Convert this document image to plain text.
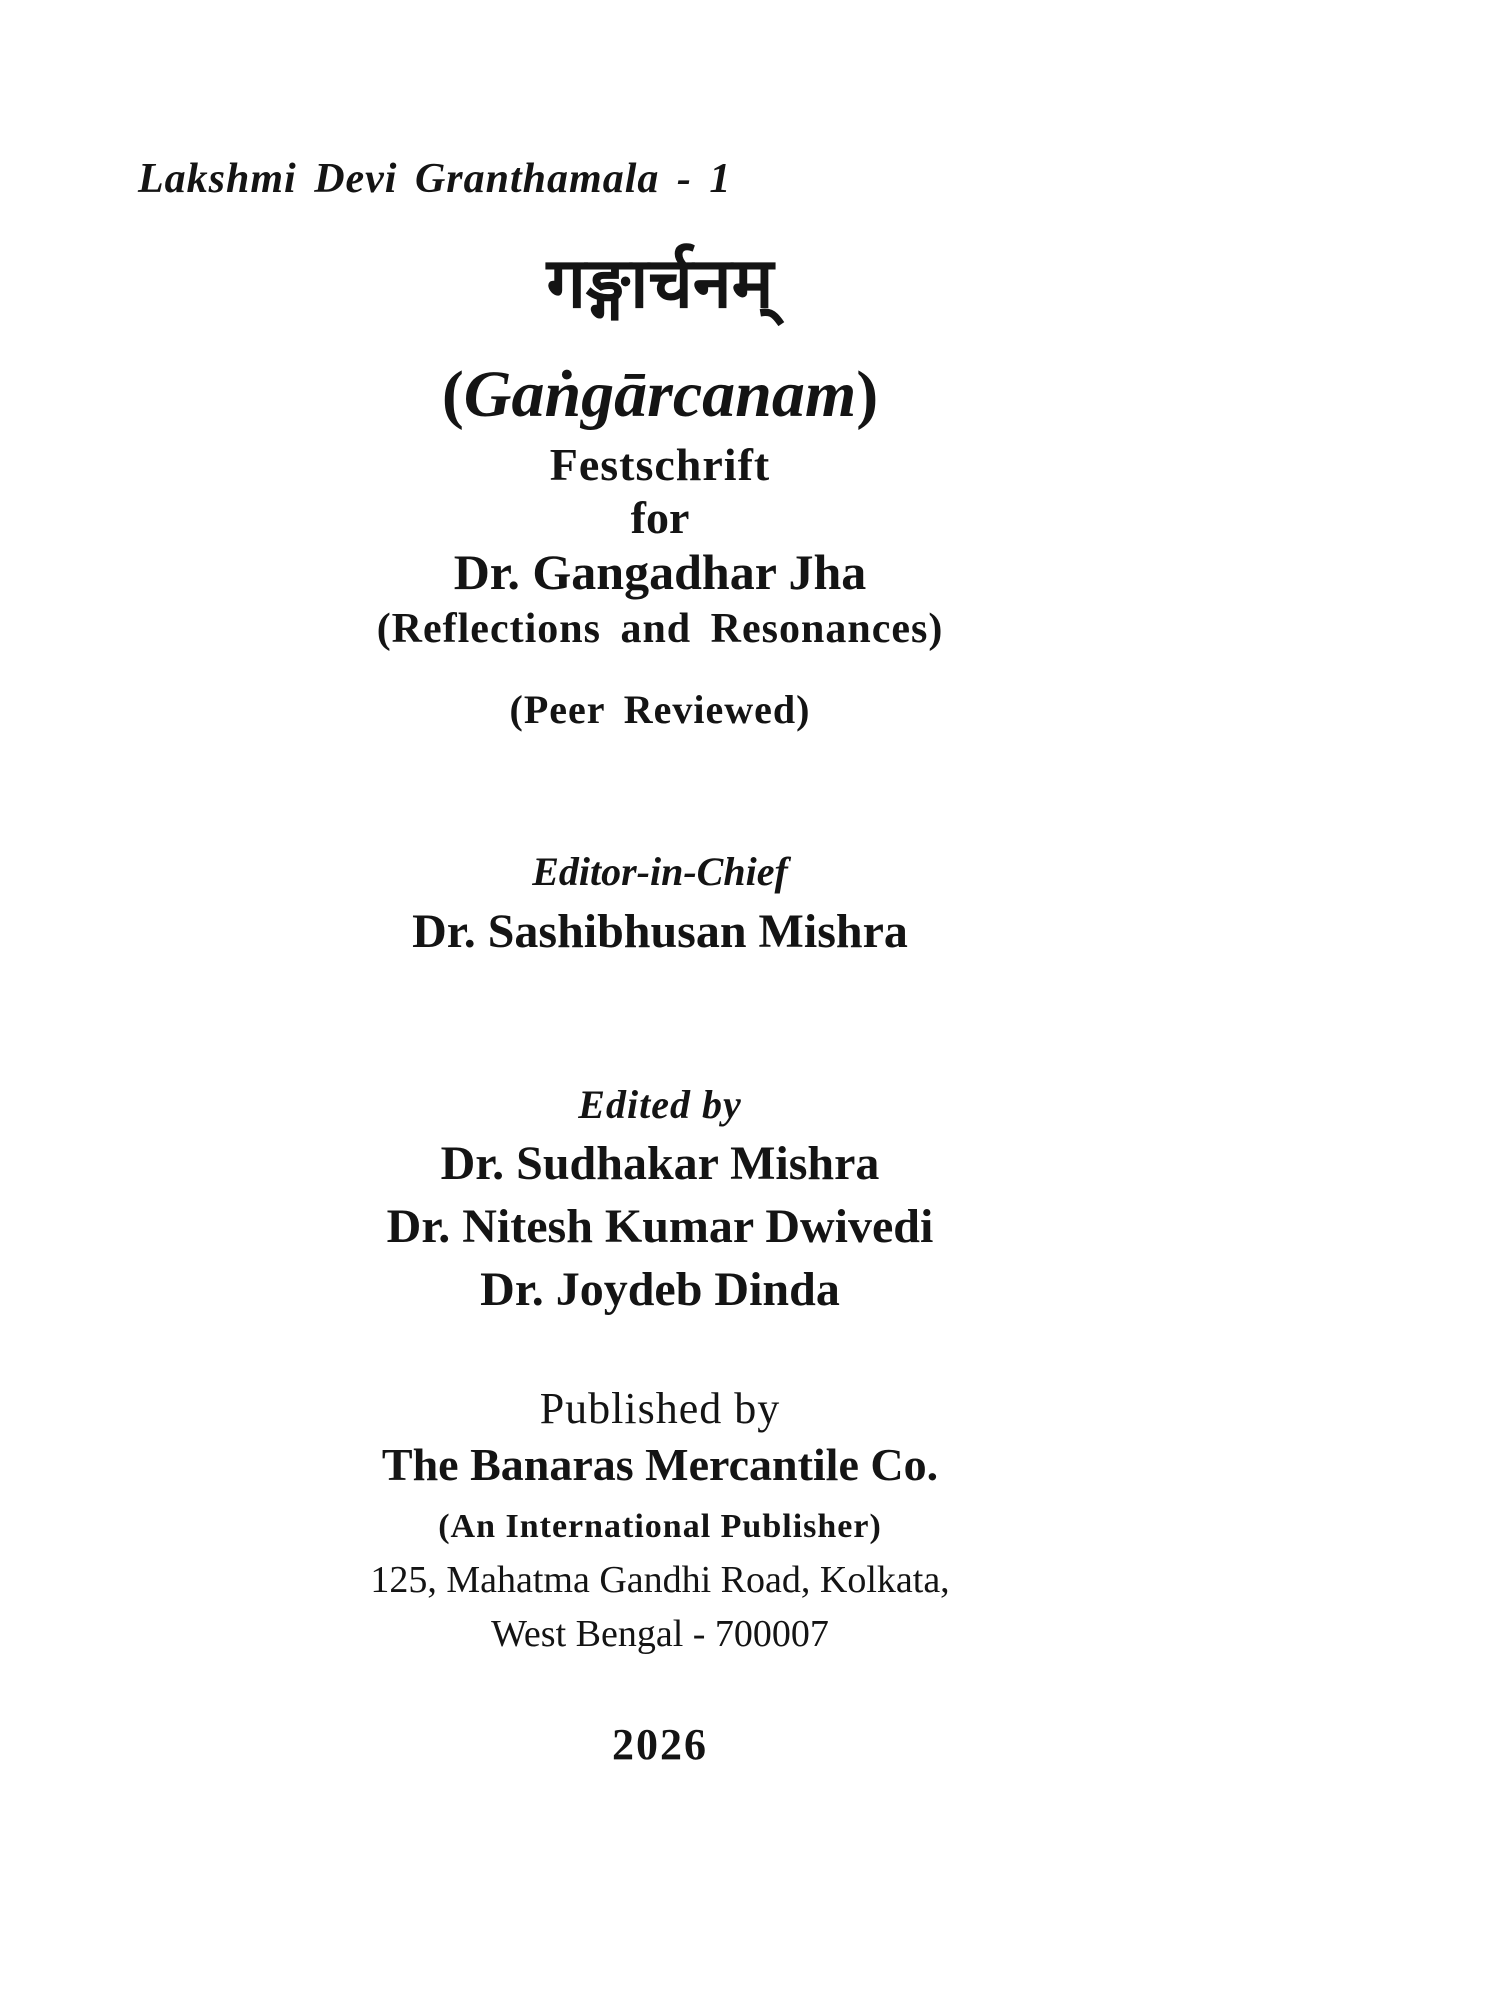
Lakshmi Devi Granthamala - 1
गङ्गार्चनम्
(Gaṅgārcanam)
Festschrift
for
Dr. Gangadhar Jha
(Reflections and Resonances)
(Peer Reviewed)
Editor-in-Chief
Dr. Sashibhusan Mishra
Edited by
Dr. Sudhakar Mishra
Dr. Nitesh Kumar Dwivedi
Dr. Joydeb Dinda
Published by
The Banaras Mercantile Co.
(An International Publisher)
125, Mahatma Gandhi Road, Kolkata,
West Bengal - 700007
2026
